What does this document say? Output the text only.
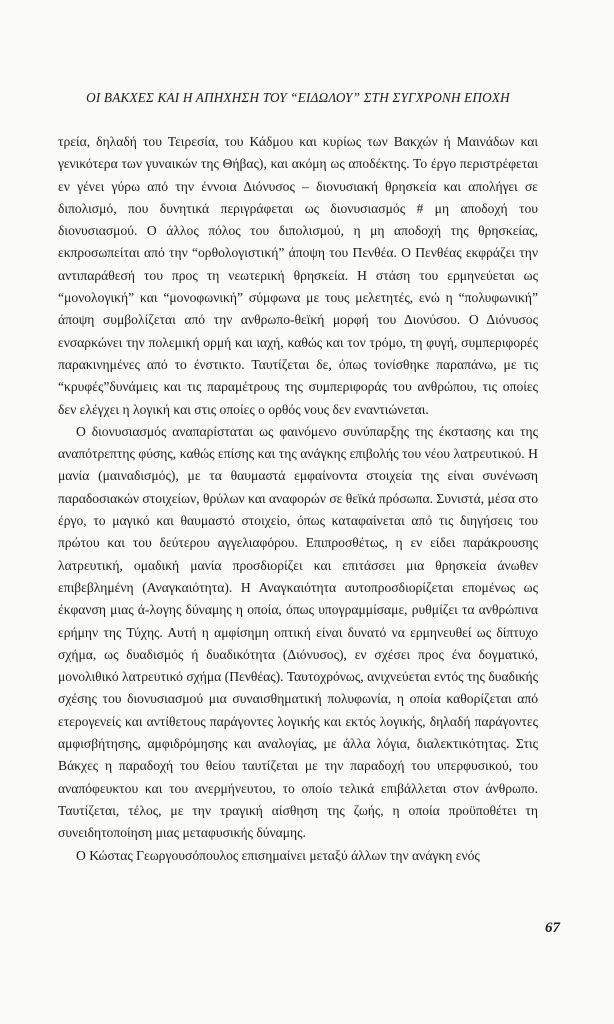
ΟΙ ΒΑΚΧΕΣ ΚΑΙ Η ΑΠΗΧΗΣΗ ΤΟΥ “ΕΙΔΩΛΟΥ” ΣΤΗ ΣΥΓΧΡΟΝΗ ΕΠΟΧΗ

τρεία, δηλαδή του Τειρεσία, του Κάδμου και κυρίως των Βακχών ή Μαινάδων και γενικότερα των γυναικών της Θήβας), και ακόμη ως αποδέκτης. Το έργο περιστρέφεται εν γένει γύρω από την έννοια Διόνυσος – διονυσιακή θρησκεία και απολήγει σε διπολισμό, που δυνητικά περιγράφεται ως διονυσιασμός # μη αποδοχή του διονυσιασμού. Ο άλλος πόλος του διπολισμού, η μη αποδοχή της θρησκείας, εκπροσωπείται από την “ορθολογιστική” άποψη του Πενθέα. Ο Πενθέας εκφράζει την αντιπαράθεσή του προς τη νεωτερική θρησκεία. Η στάση του ερμηνεύεται ως “μονολογική” και “μονοφωνική” σύμφωνα με τους μελετητές, ενώ η “πολυφωνική” άποψη συμβολίζεται από την ανθρωπο-θεϊκή μορφή του Διονύσου. Ο Διόνυσος ενσαρκώνει την πολεμική ορμή και ιαχή, καθώς και τον τρόμο, τη φυγή, συμπεριφορές παρακινημένες από το ένστικτο. Ταυτίζεται δε, όπως τονίσθηκε παραπάνω, με τις “κρυφές”δυνάμεις και τις παραμέτρους της συμπεριφοράς του ανθρώπου, τις οποίες δεν ελέγχει η λογική και στις οποίες ο ορθός νους δεν εναντιώνεται.

Ο διονυσιασμός αναπαρίσταται ως φαινόμενο συνύπαρξης της έκστασης και της αναπότρεπτης φύσης, καθώς επίσης και της ανάγκης επιβολής του νέου λατρευτικού. Η μανία (μαιναδισμός), με τα θαυμαστά εμφαίνοντα στοιχεία της είναι συνένωση παραδοσιακών στοιχείων, θρύλων και αναφορών σε θεϊκά πρόσωπα. Συνιστά, μέσα στο έργο, το μαγικό και θαυμαστό στοιχείο, όπως καταφαίνεται από τις διηγήσεις του πρώτου και του δεύτερου αγγελιαφόρου. Επιπροσθέτως, η εν είδει παράκρουσης λατρευτική, ομαδική μανία προσδιορίζει και επιτάσσει μια θρησκεία άνωθεν επιβεβλημένη (Αναγκαιότητα). Η Αναγκαιότητα αυτοπροσδιορίζεται επομένως ως έκφανση μιας ά-λογης δύναμης η οποία, όπως υπογραμμίσαμε, ρυθμίζει τα ανθρώπινα ερήμην της Τύχης. Αυτή η αμφίσημη οπτική είναι δυνατό να ερμηνευθεί ως δίπτυχο σχήμα, ως δυαδισμός ή δυαδικότητα (Διόνυσος), εν σχέσει προς ένα δογματικό, μονολιθικό λατρευτικό σχήμα (Πενθέας). Ταυτοχρόνως, ανιχνεύεται εντός της δυαδικής σχέσης του διονυσιασμού μια συναισθηματική πολυφωνία, η οποία καθορίζεται από ετερογενείς και αντίθετους παράγοντες λογικής και εκτός λογικής, δηλαδή παράγοντες αμφισβήτησης, αμφιδρόμησης και αναλογίας, με άλλα λόγια, διαλεκτικότητας. Στις Βάκχες η παραδοχή του θείου ταυτίζεται με την παραδοχή του υπερφυσικού, του αναπόφευκτου και του ανερμήνευτου, το οποίο τελικά επιβάλλεται στον άνθρωπο. Ταυτίζεται, τέλος, με την τραγική αίσθηση της ζωής, η οποία προϋποθέτει τη συνειδητοποίηση μιας μεταφυσικής δύναμης.

Ο Κώστας Γεωργουσόπουλος επισημαίνει μεταξύ άλλων την ανάγκη ενός

67
